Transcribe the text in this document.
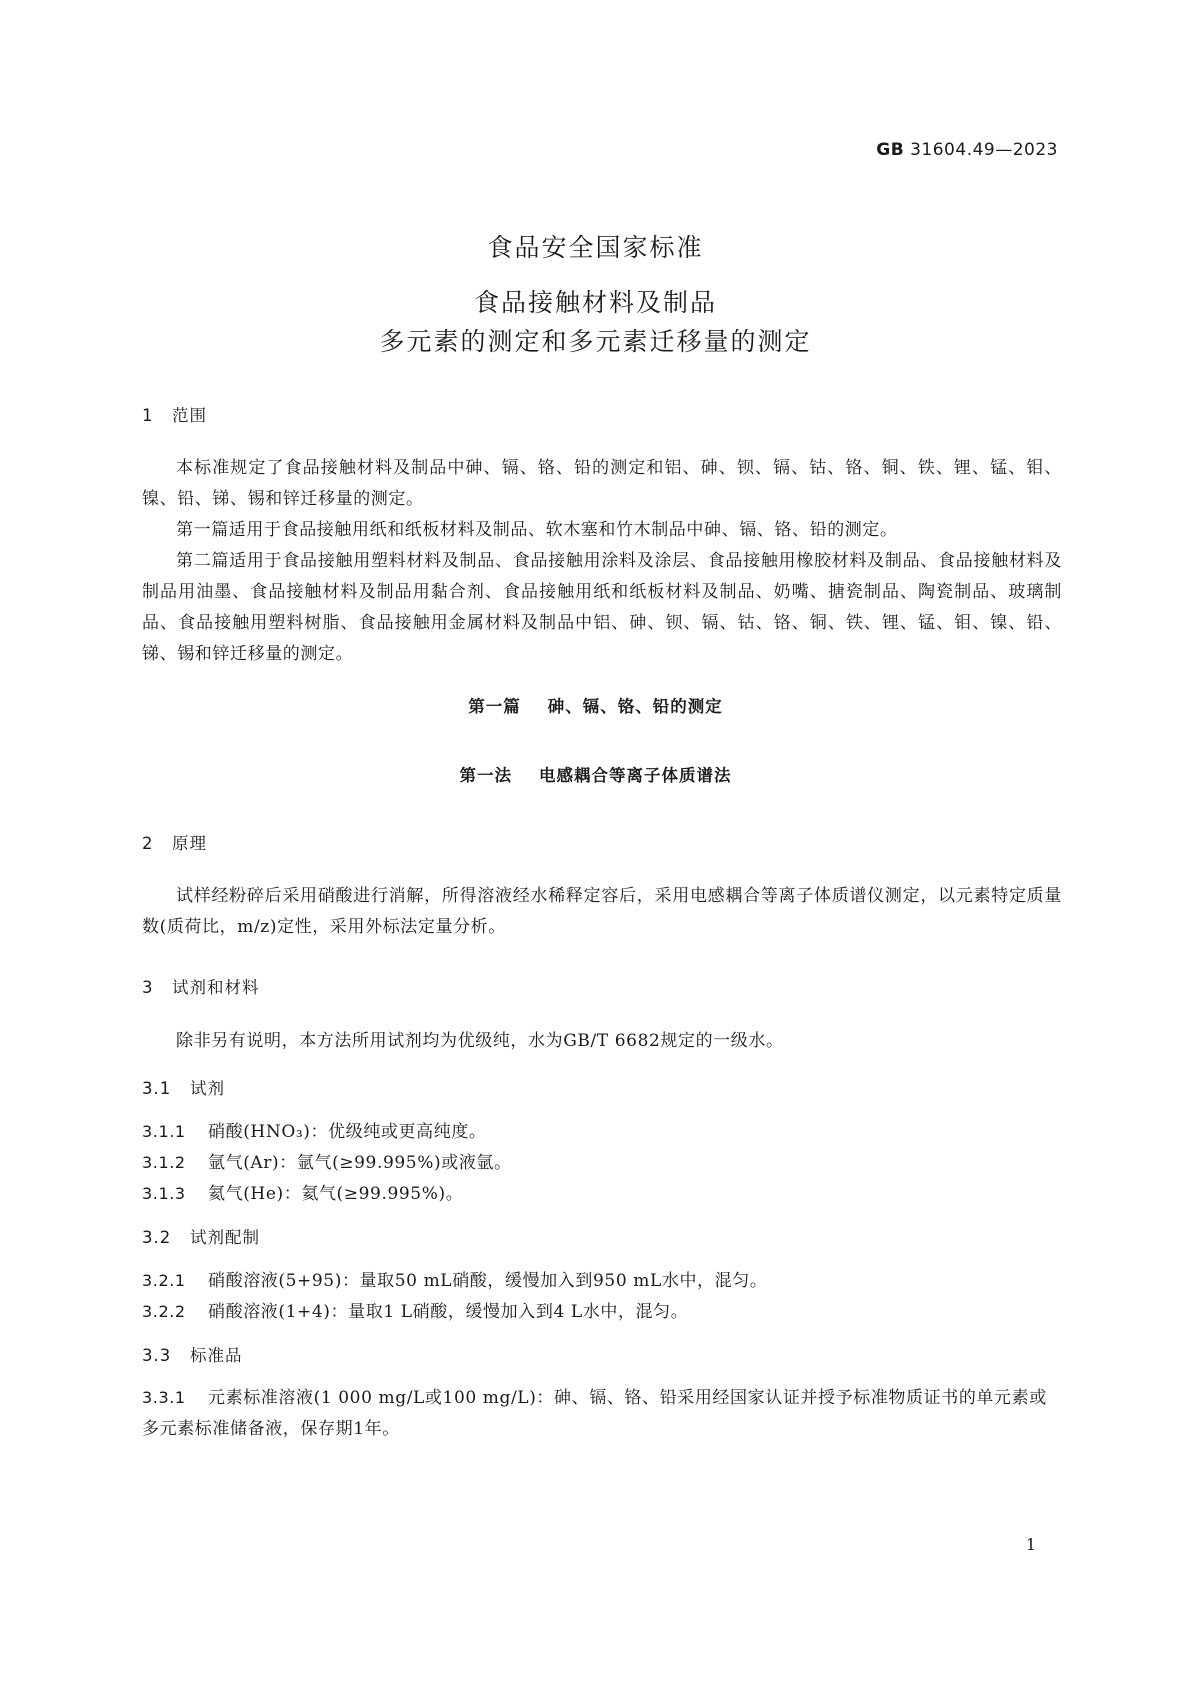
GB 31604.49—2023
食品安全国家标准
食品接触材料及制品
多元素的测定和多元素迁移量的测定
1 范围
本标准规定了食品接触材料及制品中砷、镉、铬、铅的测定和铝、砷、钡、镉、钴、铬、铜、铁、锂、锰、钼、镍、铅、锑、锡和锌迁移量的测定。
第一篇适用于食品接触用纸和纸板材料及制品、软木塞和竹木制品中砷、镉、铬、铅的测定。
第二篇适用于食品接触用塑料材料及制品、食品接触用涂料及涂层、食品接触用橡胶材料及制品、食品接触材料及制品用油墨、食品接触材料及制品用黏合剂、食品接触用纸和纸板材料及制品、奶嘴、搪瓷制品、陶瓷制品、玻璃制品、食品接触用塑料树脂、食品接触用金属材料及制品中铝、砷、钡、镉、钴、铬、铜、铁、锂、锰、钼、镍、铅、锑、锡和锌迁移量的测定。
第一篇 砷、镉、铬、铅的测定
第一法 电感耦合等离子体质谱法
2 原理
试样经粉碎后采用硝酸进行消解，所得溶液经水稀释定容后，采用电感耦合等离子体质谱仪测定，以元素特定质量数(质荷比，m/z)定性，采用外标法定量分析。
3 试剂和材料
除非另有说明，本方法所用试剂均为优级纯，水为GB/T 6682规定的一级水。
3.1 试剂
3.1.1 硝酸(HNO₃)：优级纯或更高纯度。
3.1.2 氩气(Ar)：氩气(≥99.995%)或液氩。
3.1.3 氦气(He)：氦气(≥99.995%)。
3.2 试剂配制
3.2.1 硝酸溶液(5+95)：量取50 mL硝酸，缓慢加入到950 mL水中，混匀。
3.2.2 硝酸溶液(1+4)：量取1 L硝酸，缓慢加入到4 L水中，混匀。
3.3 标准品
3.3.1 元素标准溶液(1 000 mg/L或100 mg/L)：砷、镉、铬、铅采用经国家认证并授予标准物质证书的单元素或多元素标准储备液，保存期1年。
1
